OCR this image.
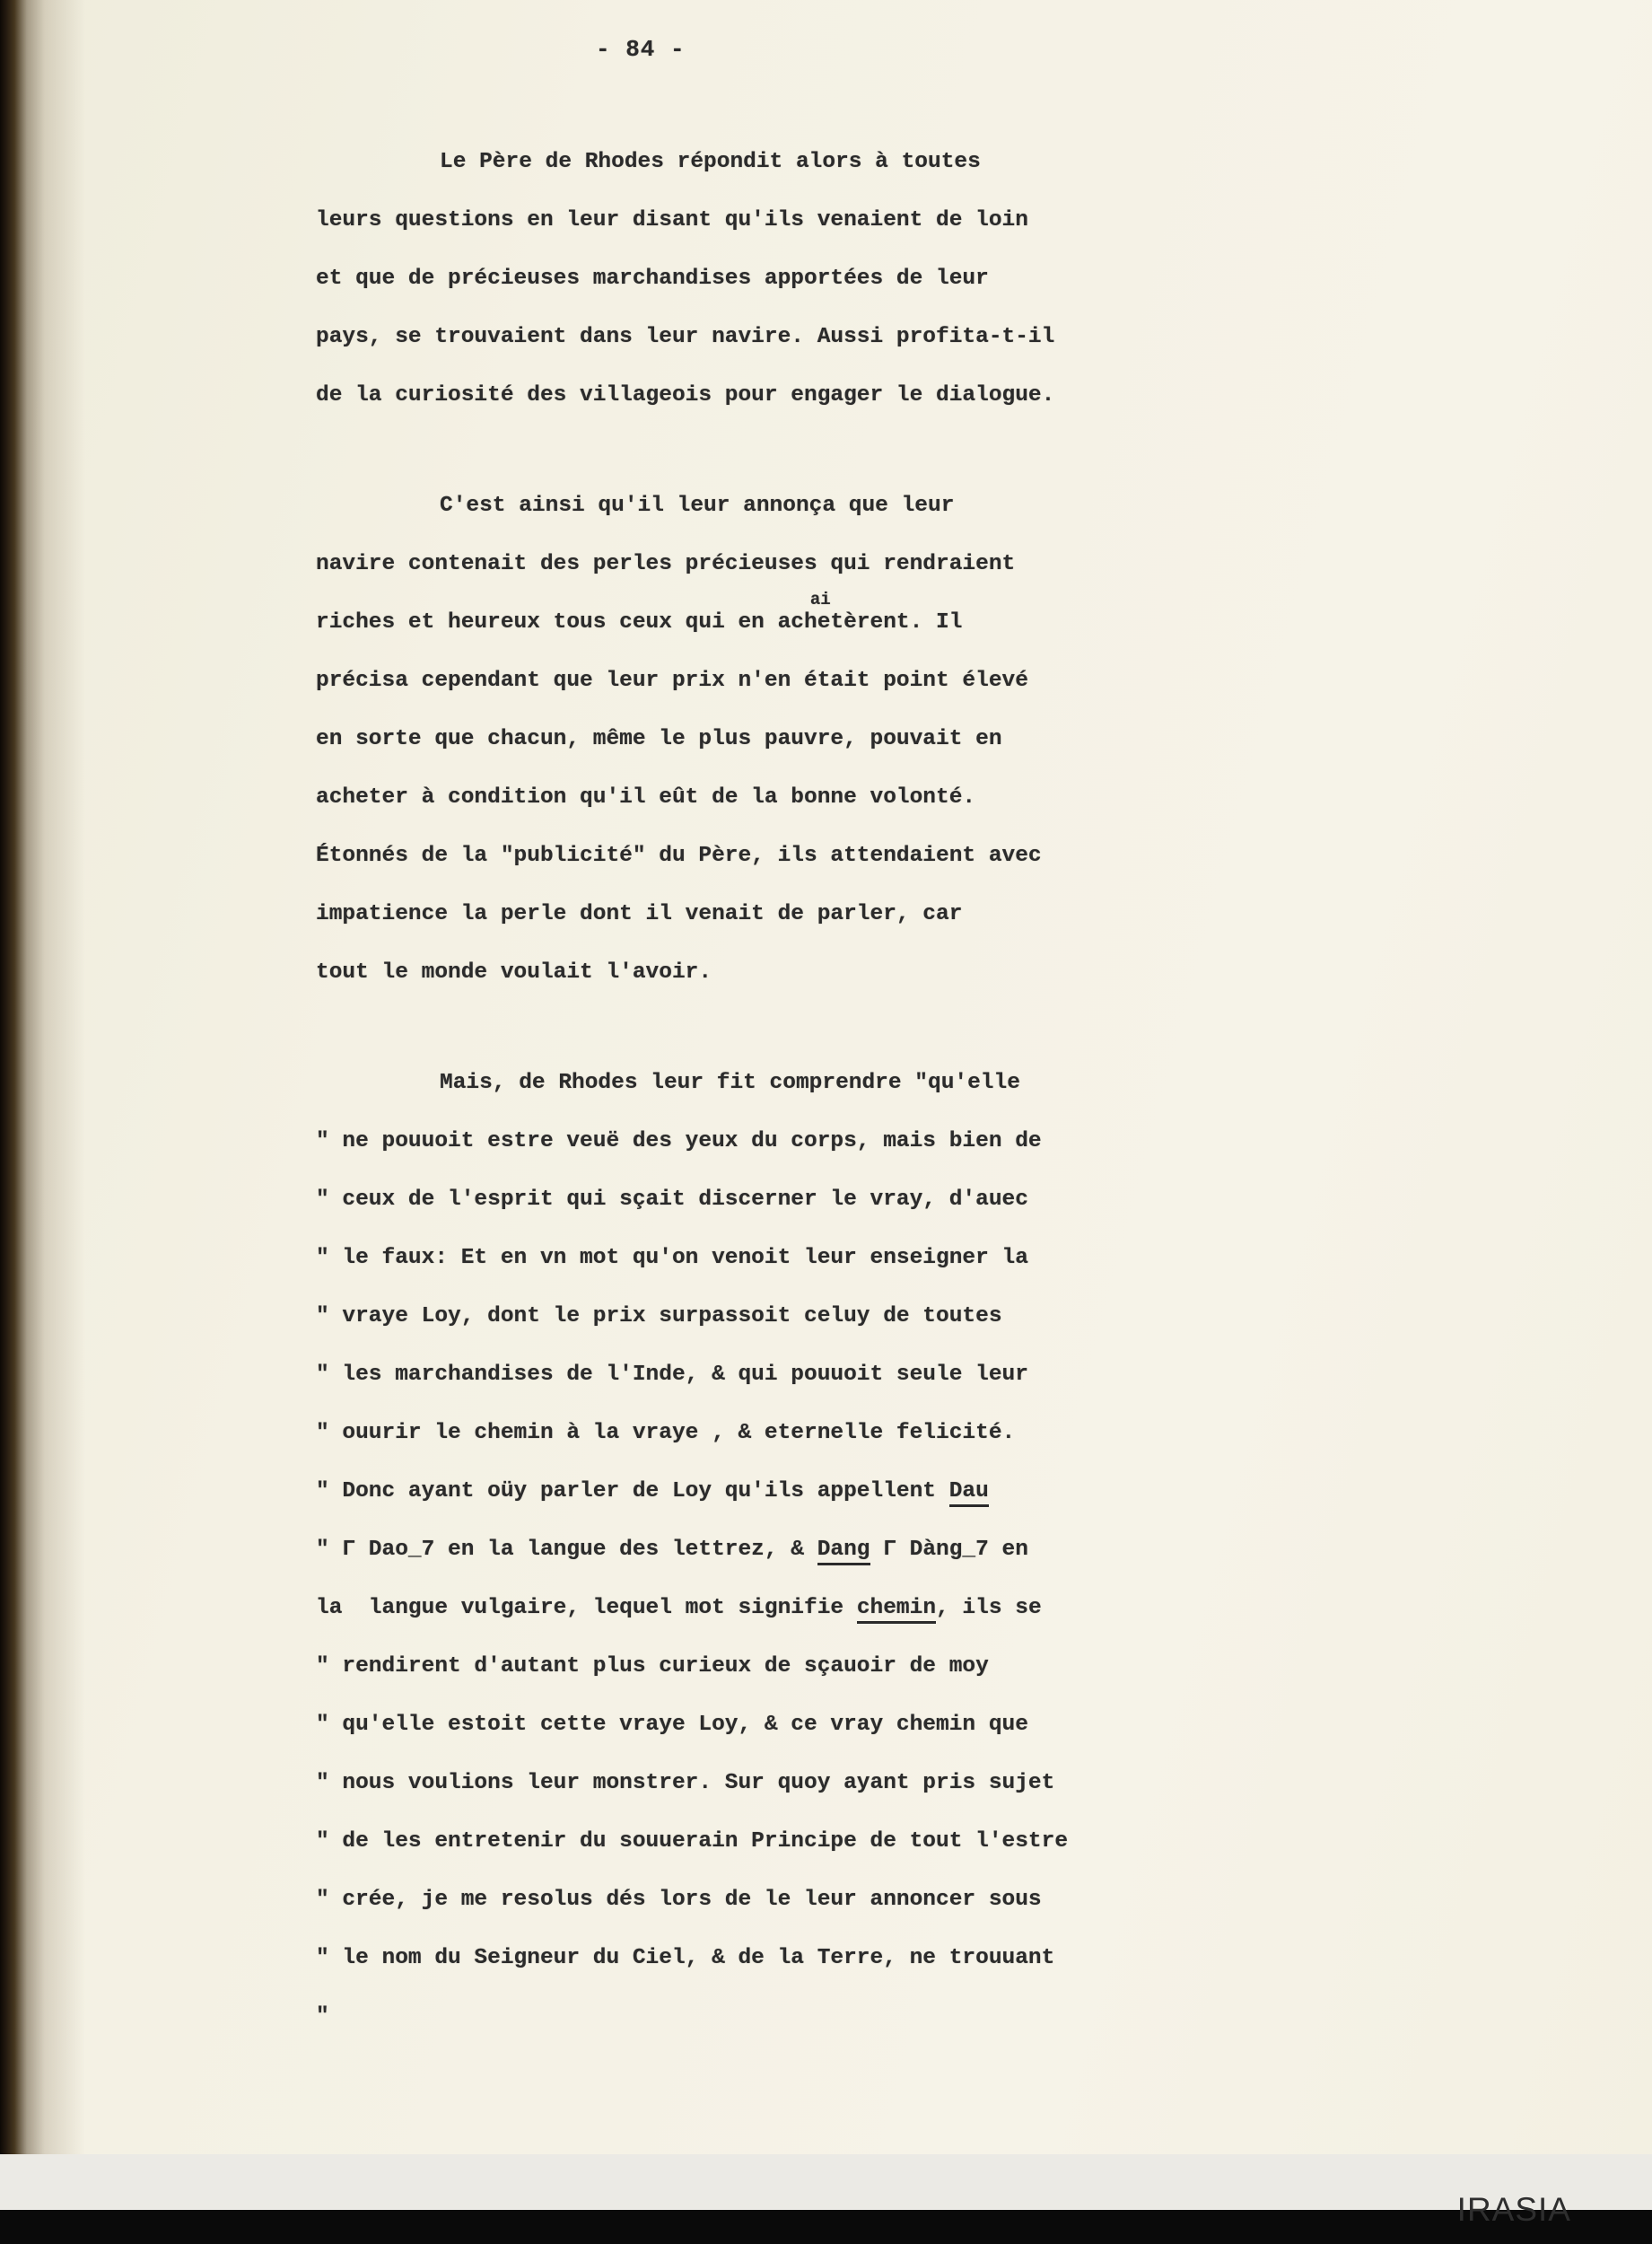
- 84 -
Le Père de Rhodes répondit alors à toutes
leurs questions en leur disant qu'ils venaient de loin
et que de précieuses marchandises apportées de leur
pays, se trouvaient dans leur navire. Aussi profita-t-il
de la curiosité des villageois pour engager le dialogue.
C'est ainsi qu'il leur annonça que leur
navire contenait des perles précieuses qui rendraient
riches et heureux tous ceux qui en achetèairent. Il
précisa cependant que leur prix n'en était point élevé
en sorte que chacun, même le plus pauvre, pouvait en
acheter à condition qu'il eût de la bonne volonté.
Étonnés de la "publicité" du Père, ils attendaient avec
impatience la perle dont il venait de parler, car
tout le monde voulait l'avoir.
Mais, de Rhodes leur fit comprendre "qu'elle
" ne pouuoit estre veuë des yeux du corps, mais bien de
" ceux de l'esprit qui sçait discerner le vray, d'auec
" le faux: Et en vn mot qu'on venoit leur enseigner la
" vraye Loy, dont le prix surpassoit celuy de toutes
" les marchandises de l'Inde, & qui pouuoit seule leur
" ouurir le chemin à la vraye , & eternelle felicité.
" Donc ayant oüy parler de Loy qu'ils appellent Dau
" Γ Dao_7 en la langue des lettrez, & Dang Γ Dàng_7 en
la  langue vulgaire, lequel mot signifie chemin, ils se
" rendirent d'autant plus curieux de sçauoir de moy
" qu'elle estoit cette vraye Loy, & ce vray chemin que
" nous voulions leur monstrer. Sur quoy ayant pris sujet
" de les entretenir du souuerain Principe de tout l'estre
" crée, je me resolus dés lors de le leur annoncer sous
" le nom du Seigneur du Ciel, & de la Terre, ne trouuant
"
IRASIA
